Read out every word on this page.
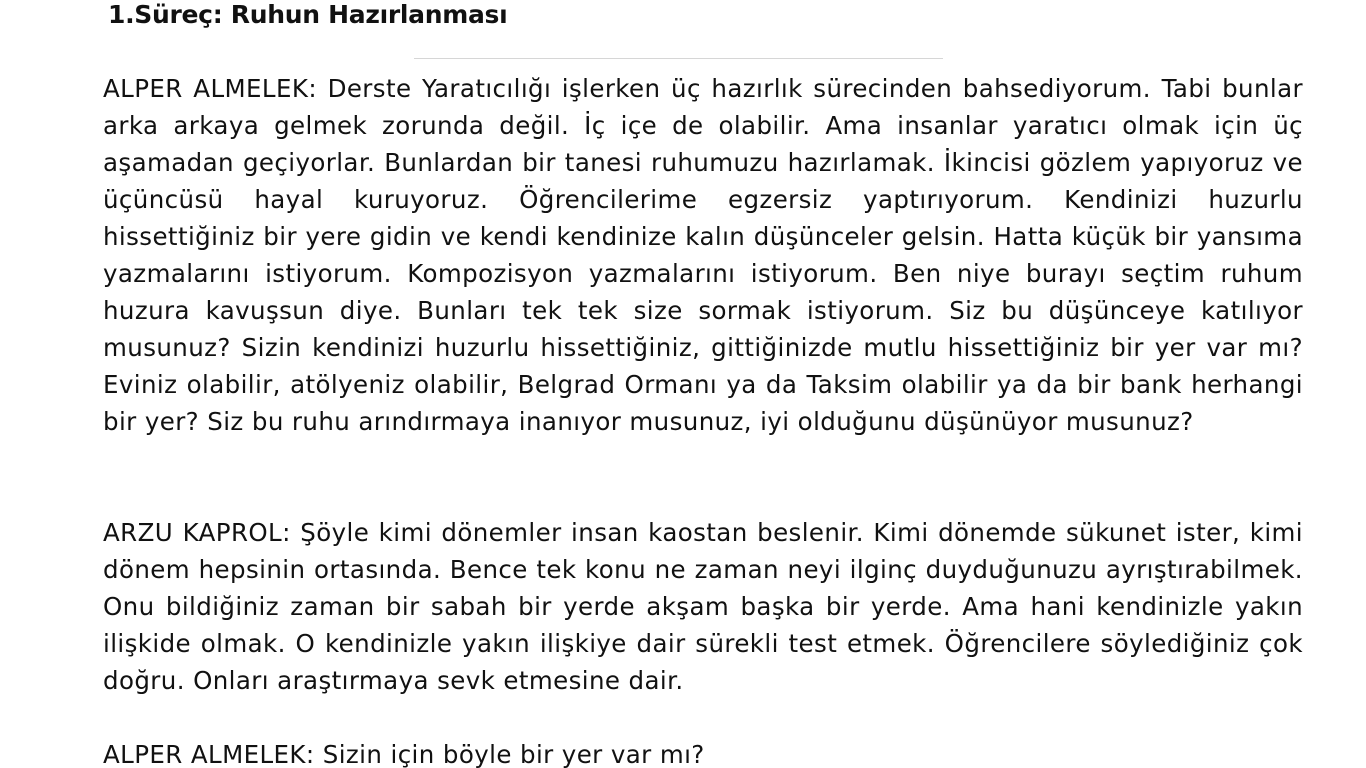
1.Süreç: Ruhun Hazırlanması

ALPER ALMELEK: Derste Yaratıcılığı işlerken üç hazırlık sürecinden bahsediyorum. Tabi bunlar arka arkaya gelmek zorunda değil. İç içe de olabilir. Ama insanlar yaratıcı olmak için üç aşamadan geçiyorlar. Bunlardan bir tanesi ruhumuzu hazırlamak. İkincisi gözlem yapıyoruz ve üçüncüsü hayal kuruyoruz. Öğrencilerime egzersiz yaptırıyorum. Kendinizi huzurlu hissettiğiniz bir yere gidin ve kendi kendinize kalın düşünceler gelsin. Hatta küçük bir yansıma yazmalarını istiyorum. Kompozisyon yazmalarını istiyorum. Ben niye burayı seçtim ruhum huzura kavuşsun diye. Bunları tek tek size sormak istiyorum. Siz bu düşünceye katılıyor musunuz? Sizin kendinizi huzurlu hissettiğiniz, gittiğinizde mutlu hissettiğiniz bir yer var mı? Eviniz olabilir, atölyeniz olabilir, Belgrad Ormanı ya da Taksim olabilir ya da bir bank herhangi bir yer? Siz bu ruhu arındırmaya inanıyor musunuz, iyi olduğunu düşünüyor musunuz?

ARZU KAPROL: Şöyle kimi dönemler insan kaostan beslenir. Kimi dönemde sükunet ister, kimi dönem hepsinin ortasında. Bence tek konu ne zaman neyi ilginç duyduğunuzu ayrıştırabilmek. Onu bildiğiniz zaman bir sabah bir yerde akşam başka bir yerde. Ama hani kendinizle yakın ilişkide olmak. O kendinizle yakın ilişkiye dair sürekli test etmek. Öğrencilere söylediğiniz çok doğru. Onları araştırmaya sevk etmesine dair.

ALPER ALMELEK: Sizin için böyle bir yer var mı?
